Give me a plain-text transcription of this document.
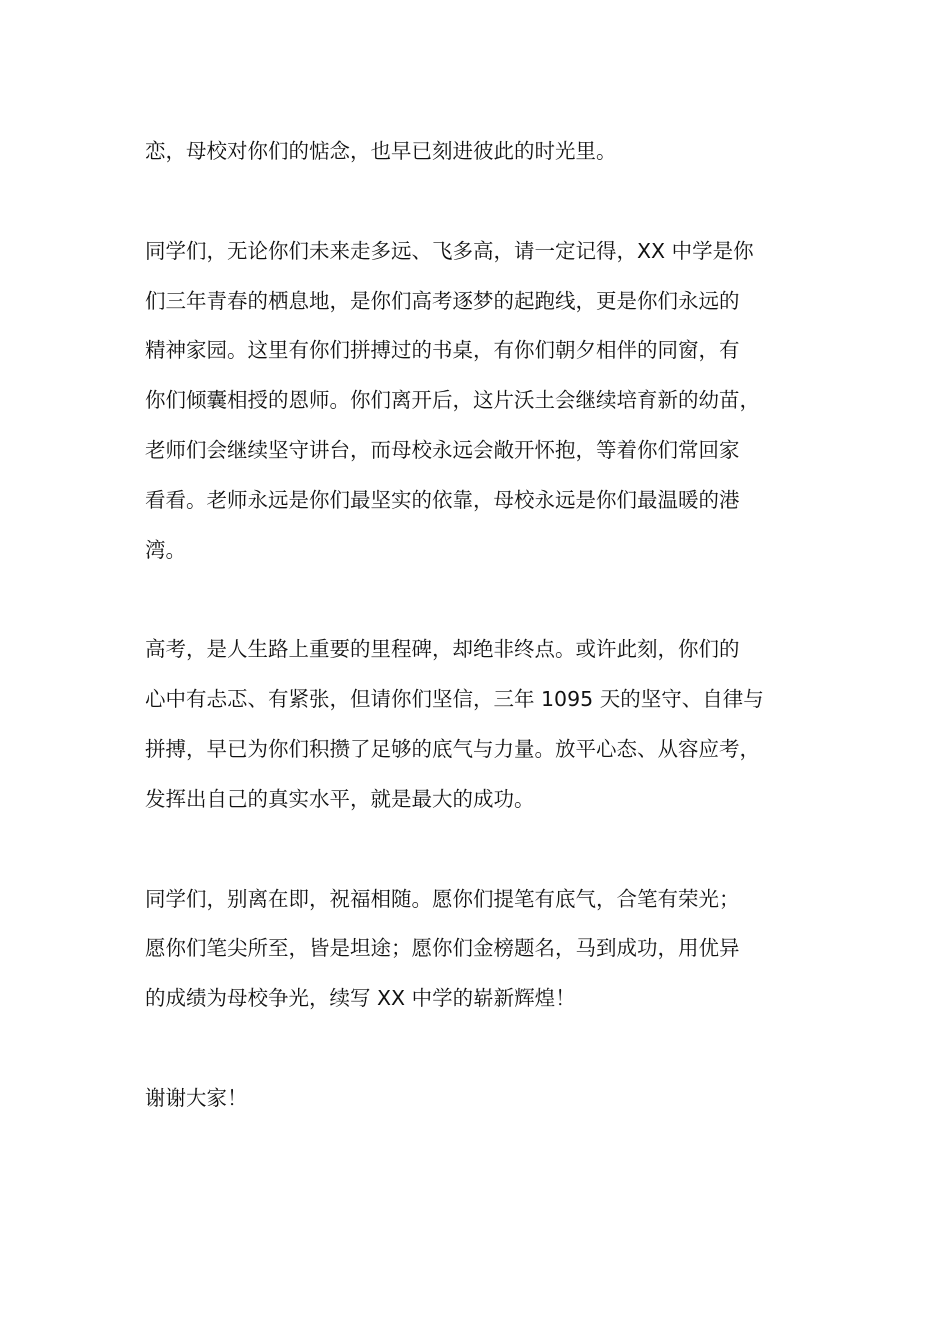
恋，母校对你们的惦念，也早已刻进彼此的时光里。
同学们，无论你们未来走多远、飞多高，请一定记得，XX 中学是你
们三年青春的栖息地，是你们高考逐梦的起跑线，更是你们永远的
精神家园。这里有你们拼搏过的书桌，有你们朝夕相伴的同窗，有
你们倾囊相授的恩师。你们离开后，这片沃土会继续培育新的幼苗，
老师们会继续坚守讲台，而母校永远会敞开怀抱，等着你们常回家
看看。老师永远是你们最坚实的依靠，母校永远是你们最温暖的港
湾。
高考，是人生路上重要的里程碑，却绝非终点。或许此刻，你们的
心中有忐忑、有紧张，但请你们坚信，三年 1095 天的坚守、自律与
拼搏，早已为你们积攒了足够的底气与力量。放平心态、从容应考，
发挥出自己的真实水平，就是最大的成功。
同学们，别离在即，祝福相随。愿你们提笔有底气，合笔有荣光；
愿你们笔尖所至，皆是坦途；愿你们金榜题名，马到成功，用优异
的成绩为母校争光，续写 XX 中学的崭新辉煌！
谢谢大家！
